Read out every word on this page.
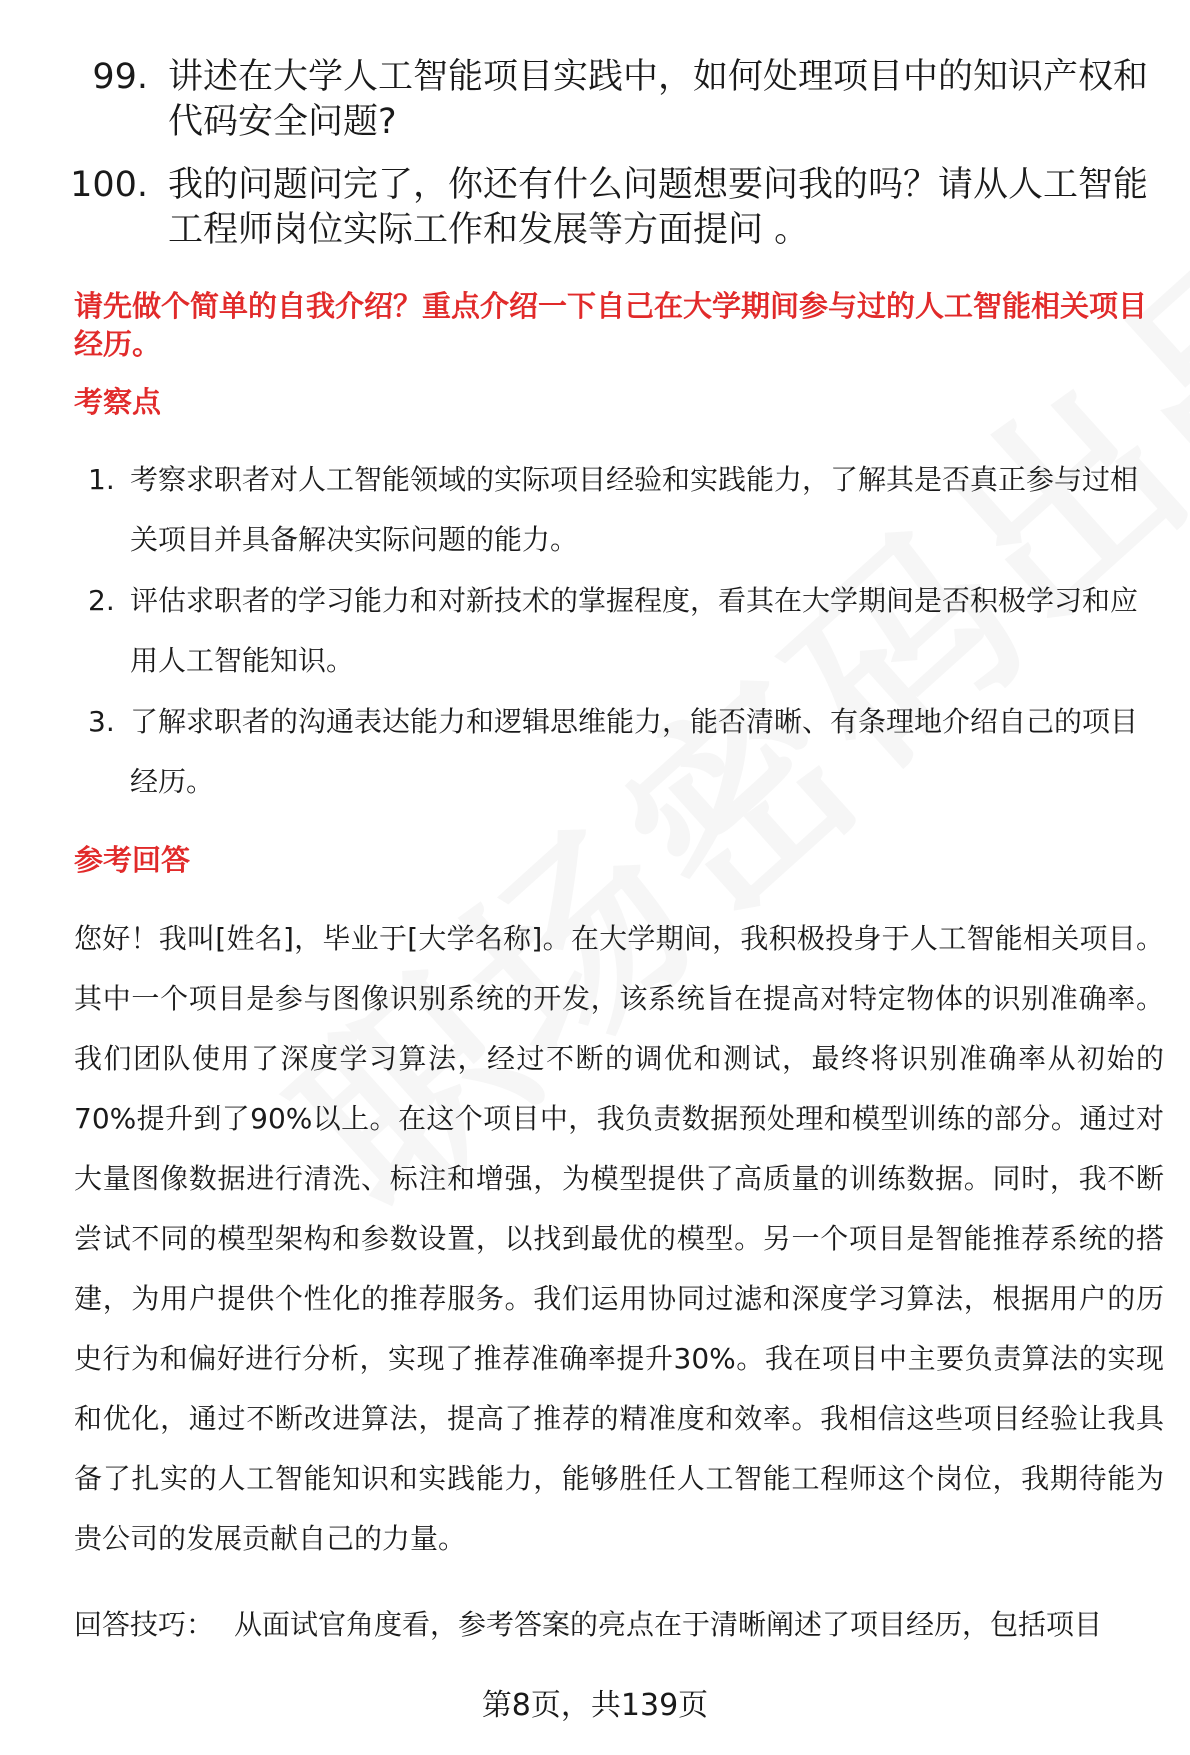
99. 讲述在大学人工智能项目实践中，如何处理项目中的知识产权和代码安全问题?
100. 我的问题问完了，你还有什么问题想要问我的吗？请从人工智能工程师岗位实际工作和发展等方面提问 。
请先做个简单的自我介绍？重点介绍一下自己在大学期间参与过的人工智能相关项目经历。
考察点
1. 考察求职者对人工智能领域的实际项目经验和实践能力，了解其是否真正参与过相关项目并具备解决实际问题的能力。
2. 评估求职者的学习能力和对新技术的掌握程度，看其在大学期间是否积极学习和应用人工智能知识。
3. 了解求职者的沟通表达能力和逻辑思维能力，能否清晰、有条理地介绍自己的项目经历。
参考回答
您好！我叫[姓名]，毕业于[大学名称]。在大学期间，我积极投身于人工智能相关项目。其中一个项目是参与图像识别系统的开发，该系统旨在提高对特定物体的识别准确率。我们团队使用了深度学习算法，经过不断的调优和测试，最终将识别准确率从初始的70%提升到了90%以上。在这个项目中，我负责数据预处理和模型训练的部分。通过对大量图像数据进行清洗、标注和增强，为模型提供了高质量的训练数据。同时，我不断尝试不同的模型架构和参数设置，以找到最优的模型。另一个项目是智能推荐系统的搭建，为用户提供个性化的推荐服务。我们运用协同过滤和深度学习算法，根据用户的历史行为和偏好进行分析，实现了推荐准确率提升30%。我在项目中主要负责算法的实现和优化，通过不断改进算法，提高了推荐的精准度和效率。我相信这些项目经验让我具备了扎实的人工智能知识和实践能力，能够胜任人工智能工程师这个岗位，我期待能为贵公司的发展贡献自己的力量。
回答技巧： 从面试官角度看，参考答案的亮点在于清晰阐述了项目经历，包括项目
第8页，共139页
